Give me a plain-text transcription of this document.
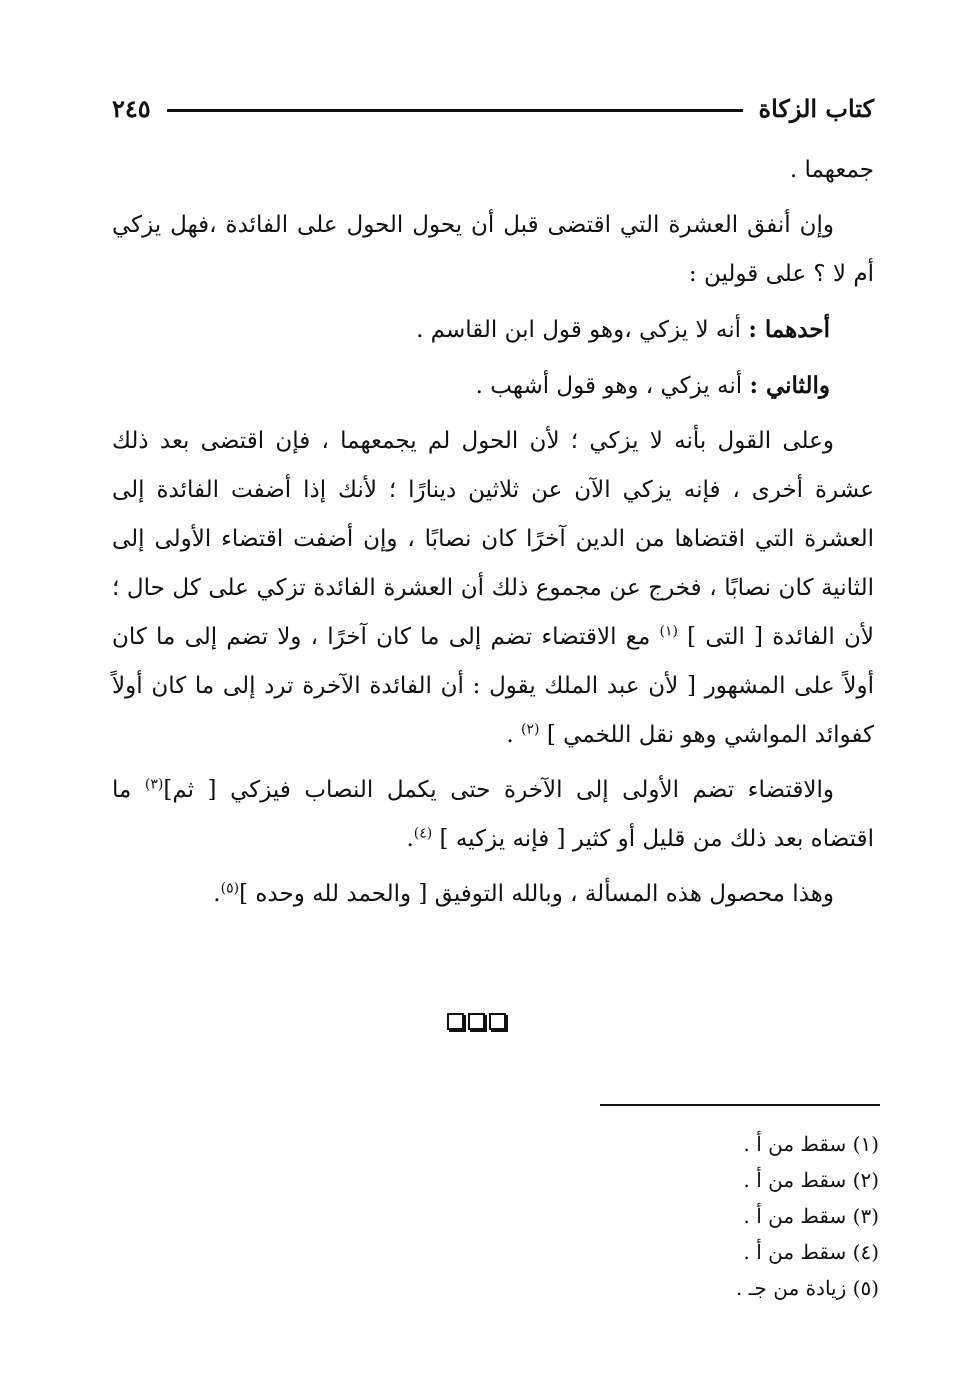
كتاب الزكاة
٢٤٥

جمعهما .

وإن أنفق العشرة التي اقتضى قبل أن يحول الحول على الفائدة ،فهل يزكي أم لا ؟ على قولين :

أحدهما : أنه لا يزكي ،وهو قول ابن القاسم .

والثاني : أنه يزكي ، وهو قول أشهب .

وعلى القول بأنه لا يزكي ؛ لأن الحول لم يجمعهما ، فإن اقتضى بعد ذلك عشرة أخرى ، فإنه يزكي الآن عن ثلاثين دينارًا ؛ لأنك إذا أضفت الفائدة إلى العشرة التي اقتضاها من الدين آخرًا كان نصابًا ، وإن أضفت اقتضاء الأولى إلى الثانية كان نصابًا ، فخرج عن مجموع ذلك أن العشرة الفائدة تزكي على كل حال ؛ لأن الفائدة [ التى ] $^{(١)}$ مع الاقتضاء تضم إلى ما كان آخرًا ، ولا تضم إلى ما كان أولاً على المشهور [ لأن عبد الملك يقول : أن الفائدة الآخرة ترد إلى ما كان أولاً كفوائد المواشي وهو نقل اللخمي ] $^{(٢)}$ .

والاقتضاء تضم الأولى إلى الآخرة حتى يكمل النصاب فيزكي [ ثم]$^{(٣)}$ ما اقتضاه بعد ذلك من قليل أو كثير [ فإنه يزكيه ] $^{(٤)}$.

وهذا محصول هذه المسألة ، وبالله التوفيق [ والحمد لله وحده ]$^{(٥)}$.

(١) سقط من أ .
(٢) سقط من أ .
(٣) سقط من أ .
(٤) سقط من أ .
(٥) زيادة من جـ .
